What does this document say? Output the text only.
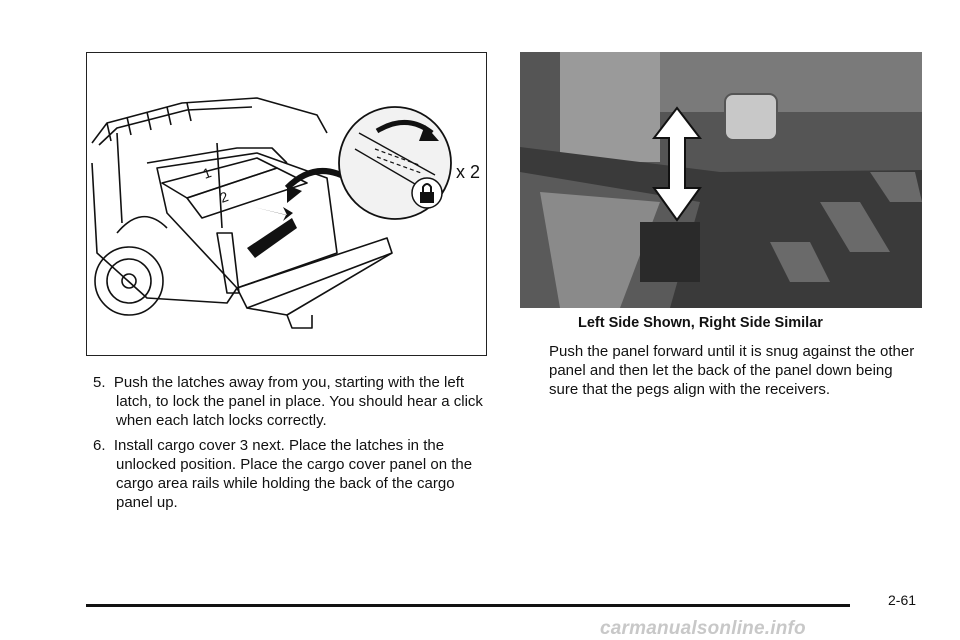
1
2
x 2
Left Side Shown, Right Side Similar

5. Push the latches away from you, starting with the left latch, to lock the panel in place. You should hear a click when each latch locks correctly.

6. Install cargo cover 3 next. Place the latches in the unlocked position. Place the cargo cover panel on the cargo area rails while holding the back of the cargo panel up.

Push the panel forward until it is snug against the other panel and then let the back of the panel down being sure that the pegs align with the receivers.

2-61
carmanualsonline.info
